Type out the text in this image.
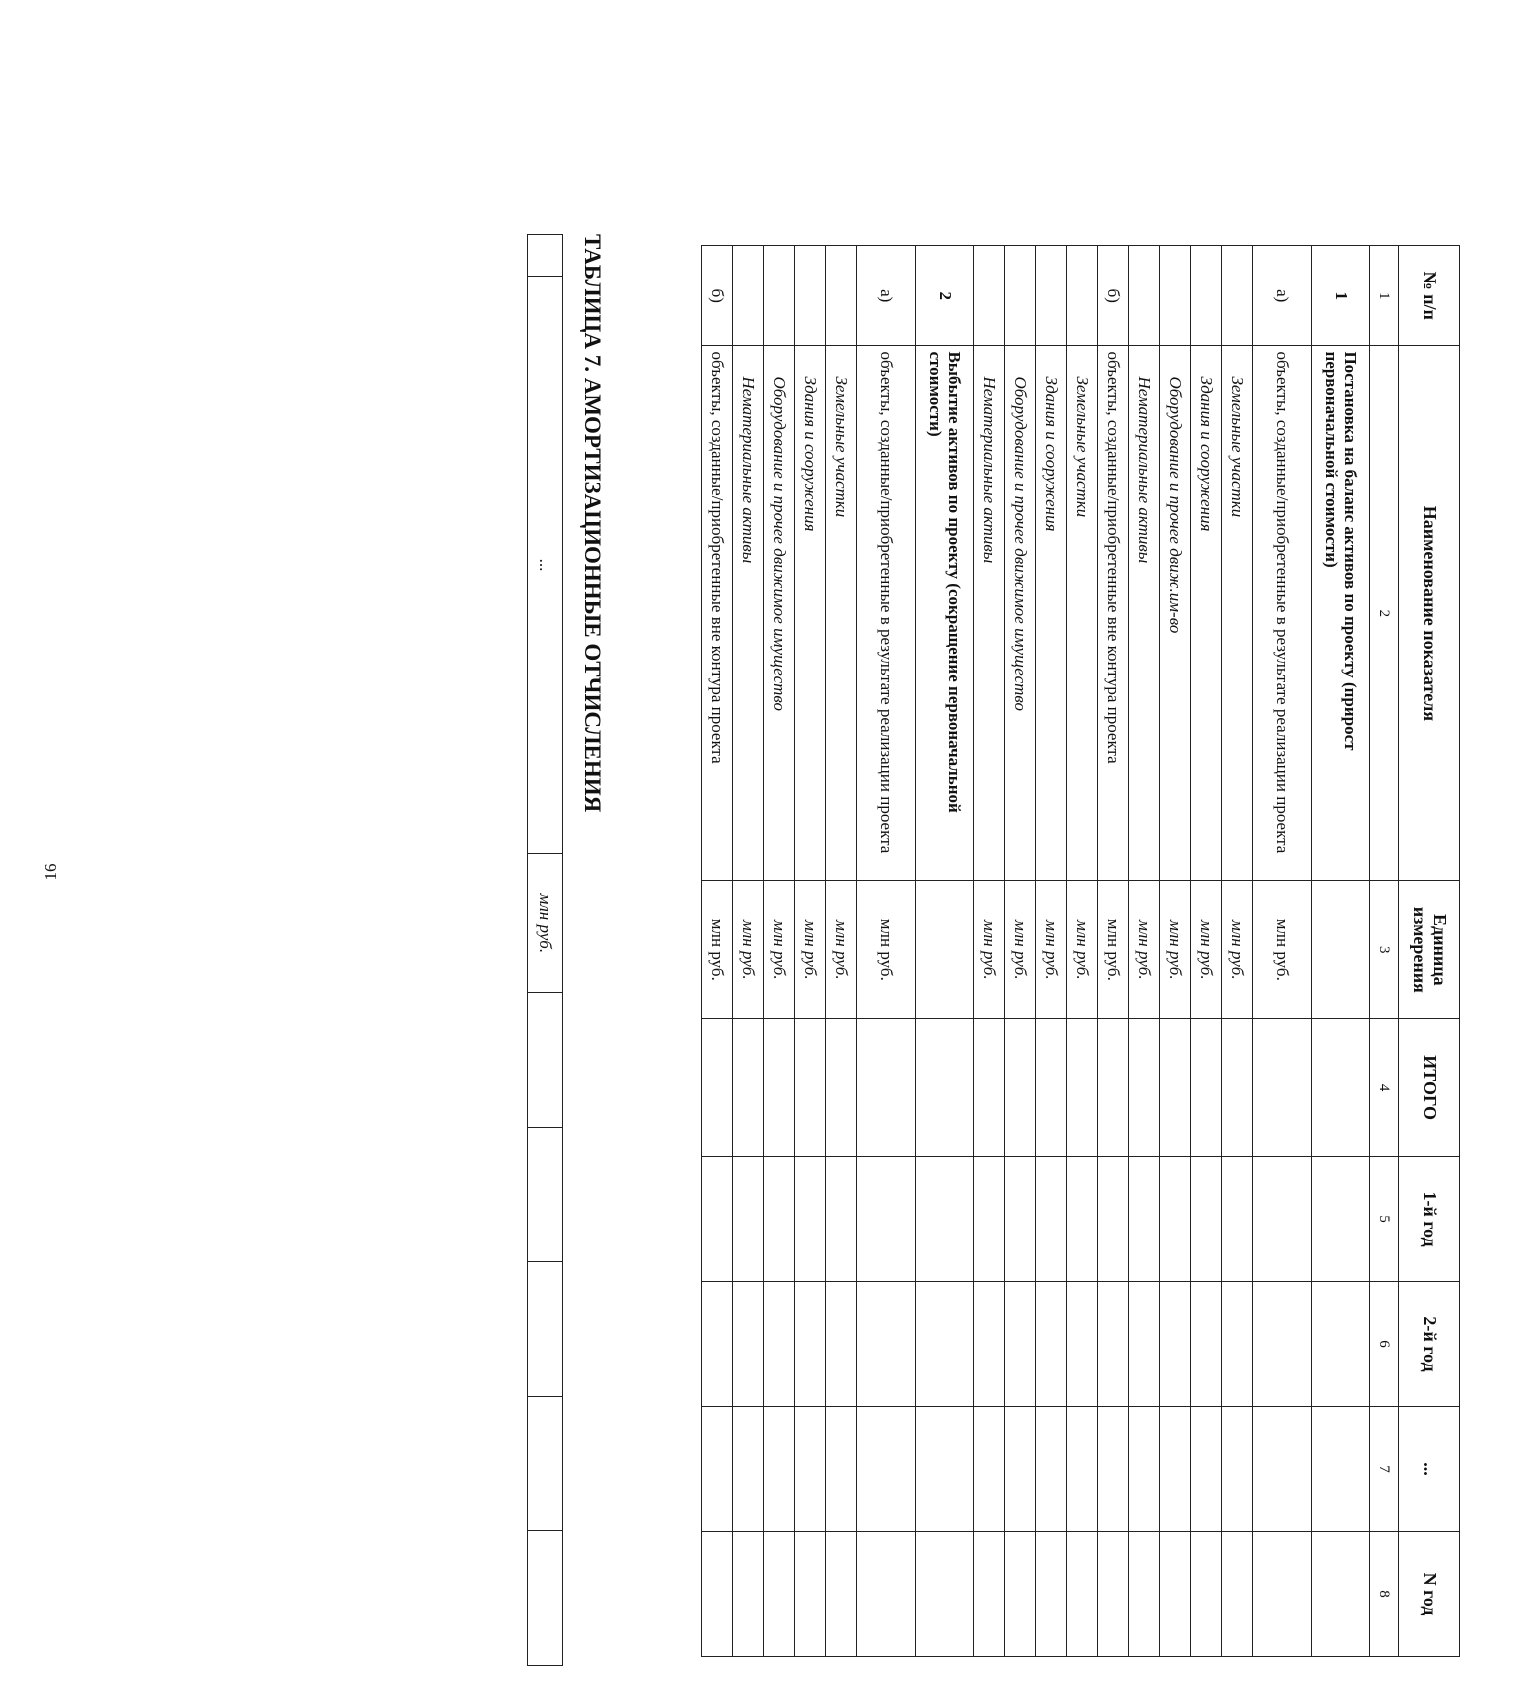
16
	...	млн руб.					
ТАБЛИЦА 7. АМОРТИЗАЦИОННЫЕ ОТЧИСЛЕНИЯ	№ п/п	Наименование показателя	Единица измерения	ИТОГО	1-й год	2-й год	...	N год
1	2	3	4	5	6	7	8
1	Постановка на баланс активов по проекту (прирост первоначальной стоимости)						
а)	объекты, созданные/приобретенные в результате реализации проекта	млн руб.					
	Земельные участки	млн руб.					
	Здания и сооружения	млн руб.					
	Оборудование и прочее движ.им-во	млн руб.					
	Нематериальные активы	млн руб.					
б)	объекты, созданные/приобретенные вне контура проекта	млн руб.					
	Земельные участки	млн руб.					
	Здания и сооружения	млн руб.					
	Оборудование и прочее движимое имущество	млн руб.					
	Нематериальные активы	млн руб.					
2	Выбытие активов по проекту (сокращение первоначальной стоимости)						
а)	объекты, созданные/приобретенные в результате реализации проекта	млн руб.					
	Земельные участки	млн руб.					
	Здания и сооружения	млн руб.					
	Оборудование и прочее движимое имущество	млн руб.					
	Нематериальные активы	млн руб.					
б)	объекты, созданные/приобретенные вне контура проекта	млн руб.					
